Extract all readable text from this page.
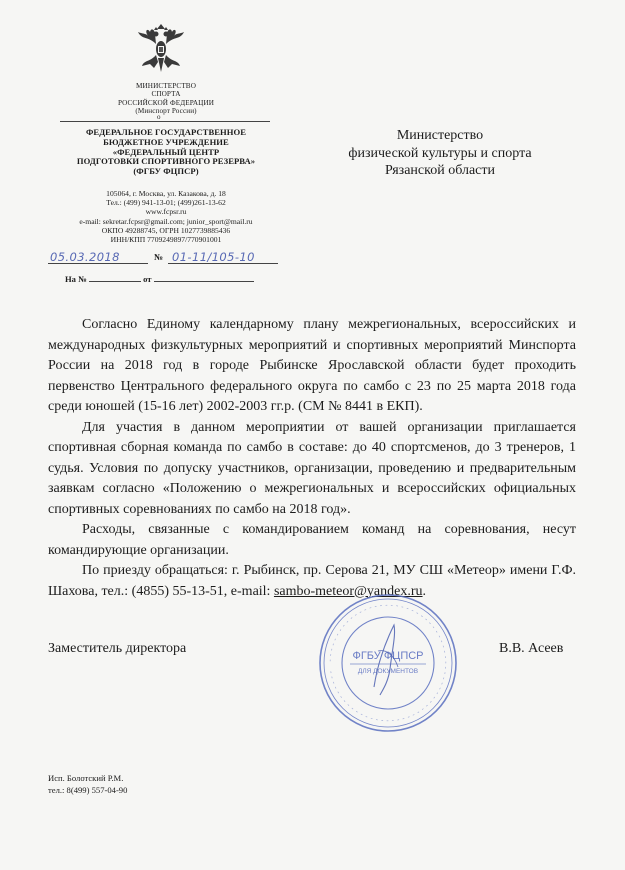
МИНИСТЕРСТВО
СПОРТА
РОССИЙСКОЙ ФЕДЕРАЦИИ
(Минспорт России)
о
ФЕДЕРАЛЬНОЕ ГОСУДАРСТВЕННОЕ
БЮДЖЕТНОЕ УЧРЕЖДЕНИЕ
«ФЕДЕРАЛЬНЫЙ ЦЕНТР
ПОДГОТОВКИ СПОРТИВНОГО РЕЗЕРВА»
(ФГБУ ФЦПСР)
105064, г. Москва, ул. Казакова, д. 18
Тел.: (499) 941-13-01; (499)261-13-62
www.fcpsr.ru
e-mail: sekretar.fcpsr@gmail.com; junior_sport@mail.ru
ОКПО 49288745, ОГРН 1027739885436
ИНН/КПП 7709249897/770901001
05.03.2018	№ 01-11/105-10
На №	от
Министерство
физической культуры и спорта
Рязанской области

Согласно Единому календарному плану межрегиональных, всероссийских и международных физкультурных мероприятий и спортивных мероприятий Минспорта России на 2018 год в городе Рыбинске Ярославской области будет проходить первенство Центрального федерального округа по самбо с 23 по 25 марта 2018 года среди юношей (15-16 лет) 2002-2003 гг.р. (СМ № 8441 в ЕКП).

Для участия в данном мероприятии от вашей организации приглашается спортивная сборная команда по самбо в составе: до 40 спортсменов, до 3 тренеров, 1 судья. Условия по допуску участников, организации, проведению и предварительным заявкам согласно «Положению о межрегиональных и всероссийских официальных спортивных соревнованиях по самбо на 2018 год».

Расходы, связанные с командированием команд на соревнования, несут командирующие организации.

По приезду обращаться: г. Рыбинск, пр. Серова 21, МУ СШ «Метеор» имени Г.Ф. Шахова, тел.: (4855) 55-13-51, e-mail: sambo-meteor@yandex.ru.

··································································
ФГБУ ФЦПСР
ДЛЯ ДОКУМЕНТОВ
Заместитель директора	В.В. Асеев
Исп. Болотский Р.М.
тел.: 8(499) 557-04-90
